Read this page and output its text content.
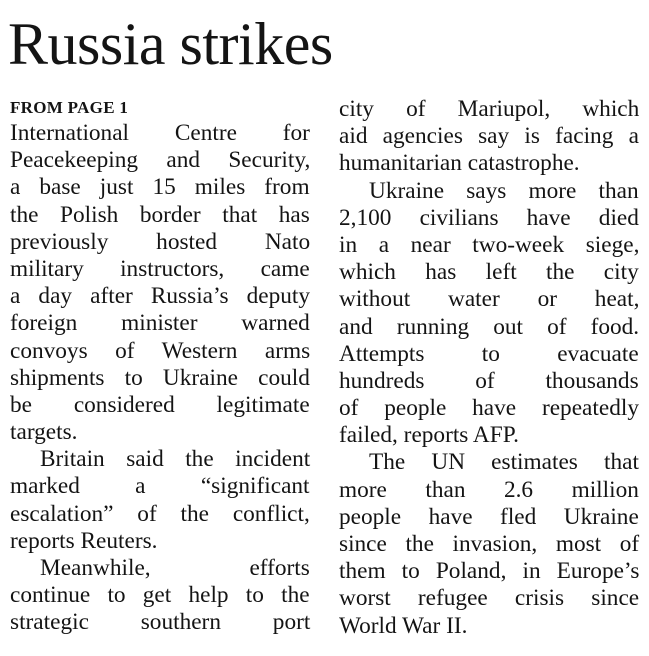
Russia strikes
FROM PAGE 1

International Centre for
Peacekeeping and Security,
a base just 15 miles from
the Polish border that has
previously hosted Nato
military instructors, came
a day after Russia’s deputy
foreign minister warned
convoys of Western arms
shipments to Ukraine could
be considered legitimate
targets.

Britain said the incident
marked a “significant
escalation” of the conflict,
reports Reuters.

Meanwhile, efforts
continue to get help to the
strategic southern port

city of Mariupol, which
aid agencies say is facing a
humanitarian catastrophe.

Ukraine says more than
2,100 civilians have died
in a near two-week siege,
which has left the city
without water or heat,
and running out of food.
Attempts to evacuate
hundreds of thousands
of people have repeatedly
failed, reports AFP.

The UN estimates that
more than 2.6 million
people have fled Ukraine
since the invasion, most of
them to Poland, in Europe’s
worst refugee crisis since
World War II.
